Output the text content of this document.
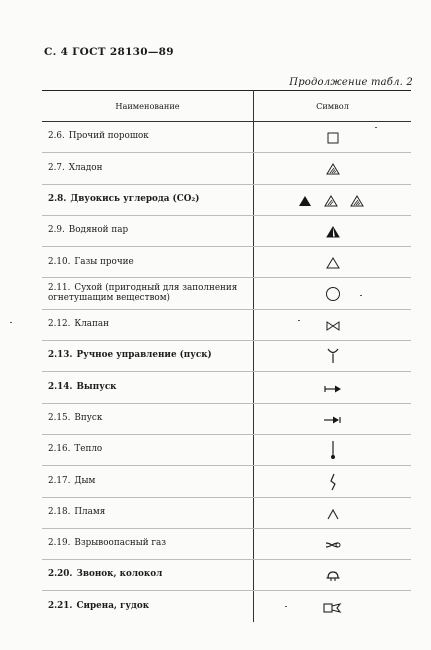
С. 4 ГОСТ 28130—89
Продолжение табл. 2
Наименование	Символ
2.6. Прочий порошок	
2.7. Хладон	
2.8. Двуокись углерода (CO₂)	
2.9. Водяной пар	
2.10. Газы прочие	
2.11. Сухой (пригодный для заполнения огнетушащим веществом)	
2.12. Клапан	
2.13. Ручное управление (пуск)	
2.14. Выпуск	
2.15. Впуск	
2.16. Тепло	
2.17. Дым	
2.18. Пламя	
2.19. Взрывоопасный газ	
2.20. Звонок, колокол	
2.21. Сирена, гудок	
